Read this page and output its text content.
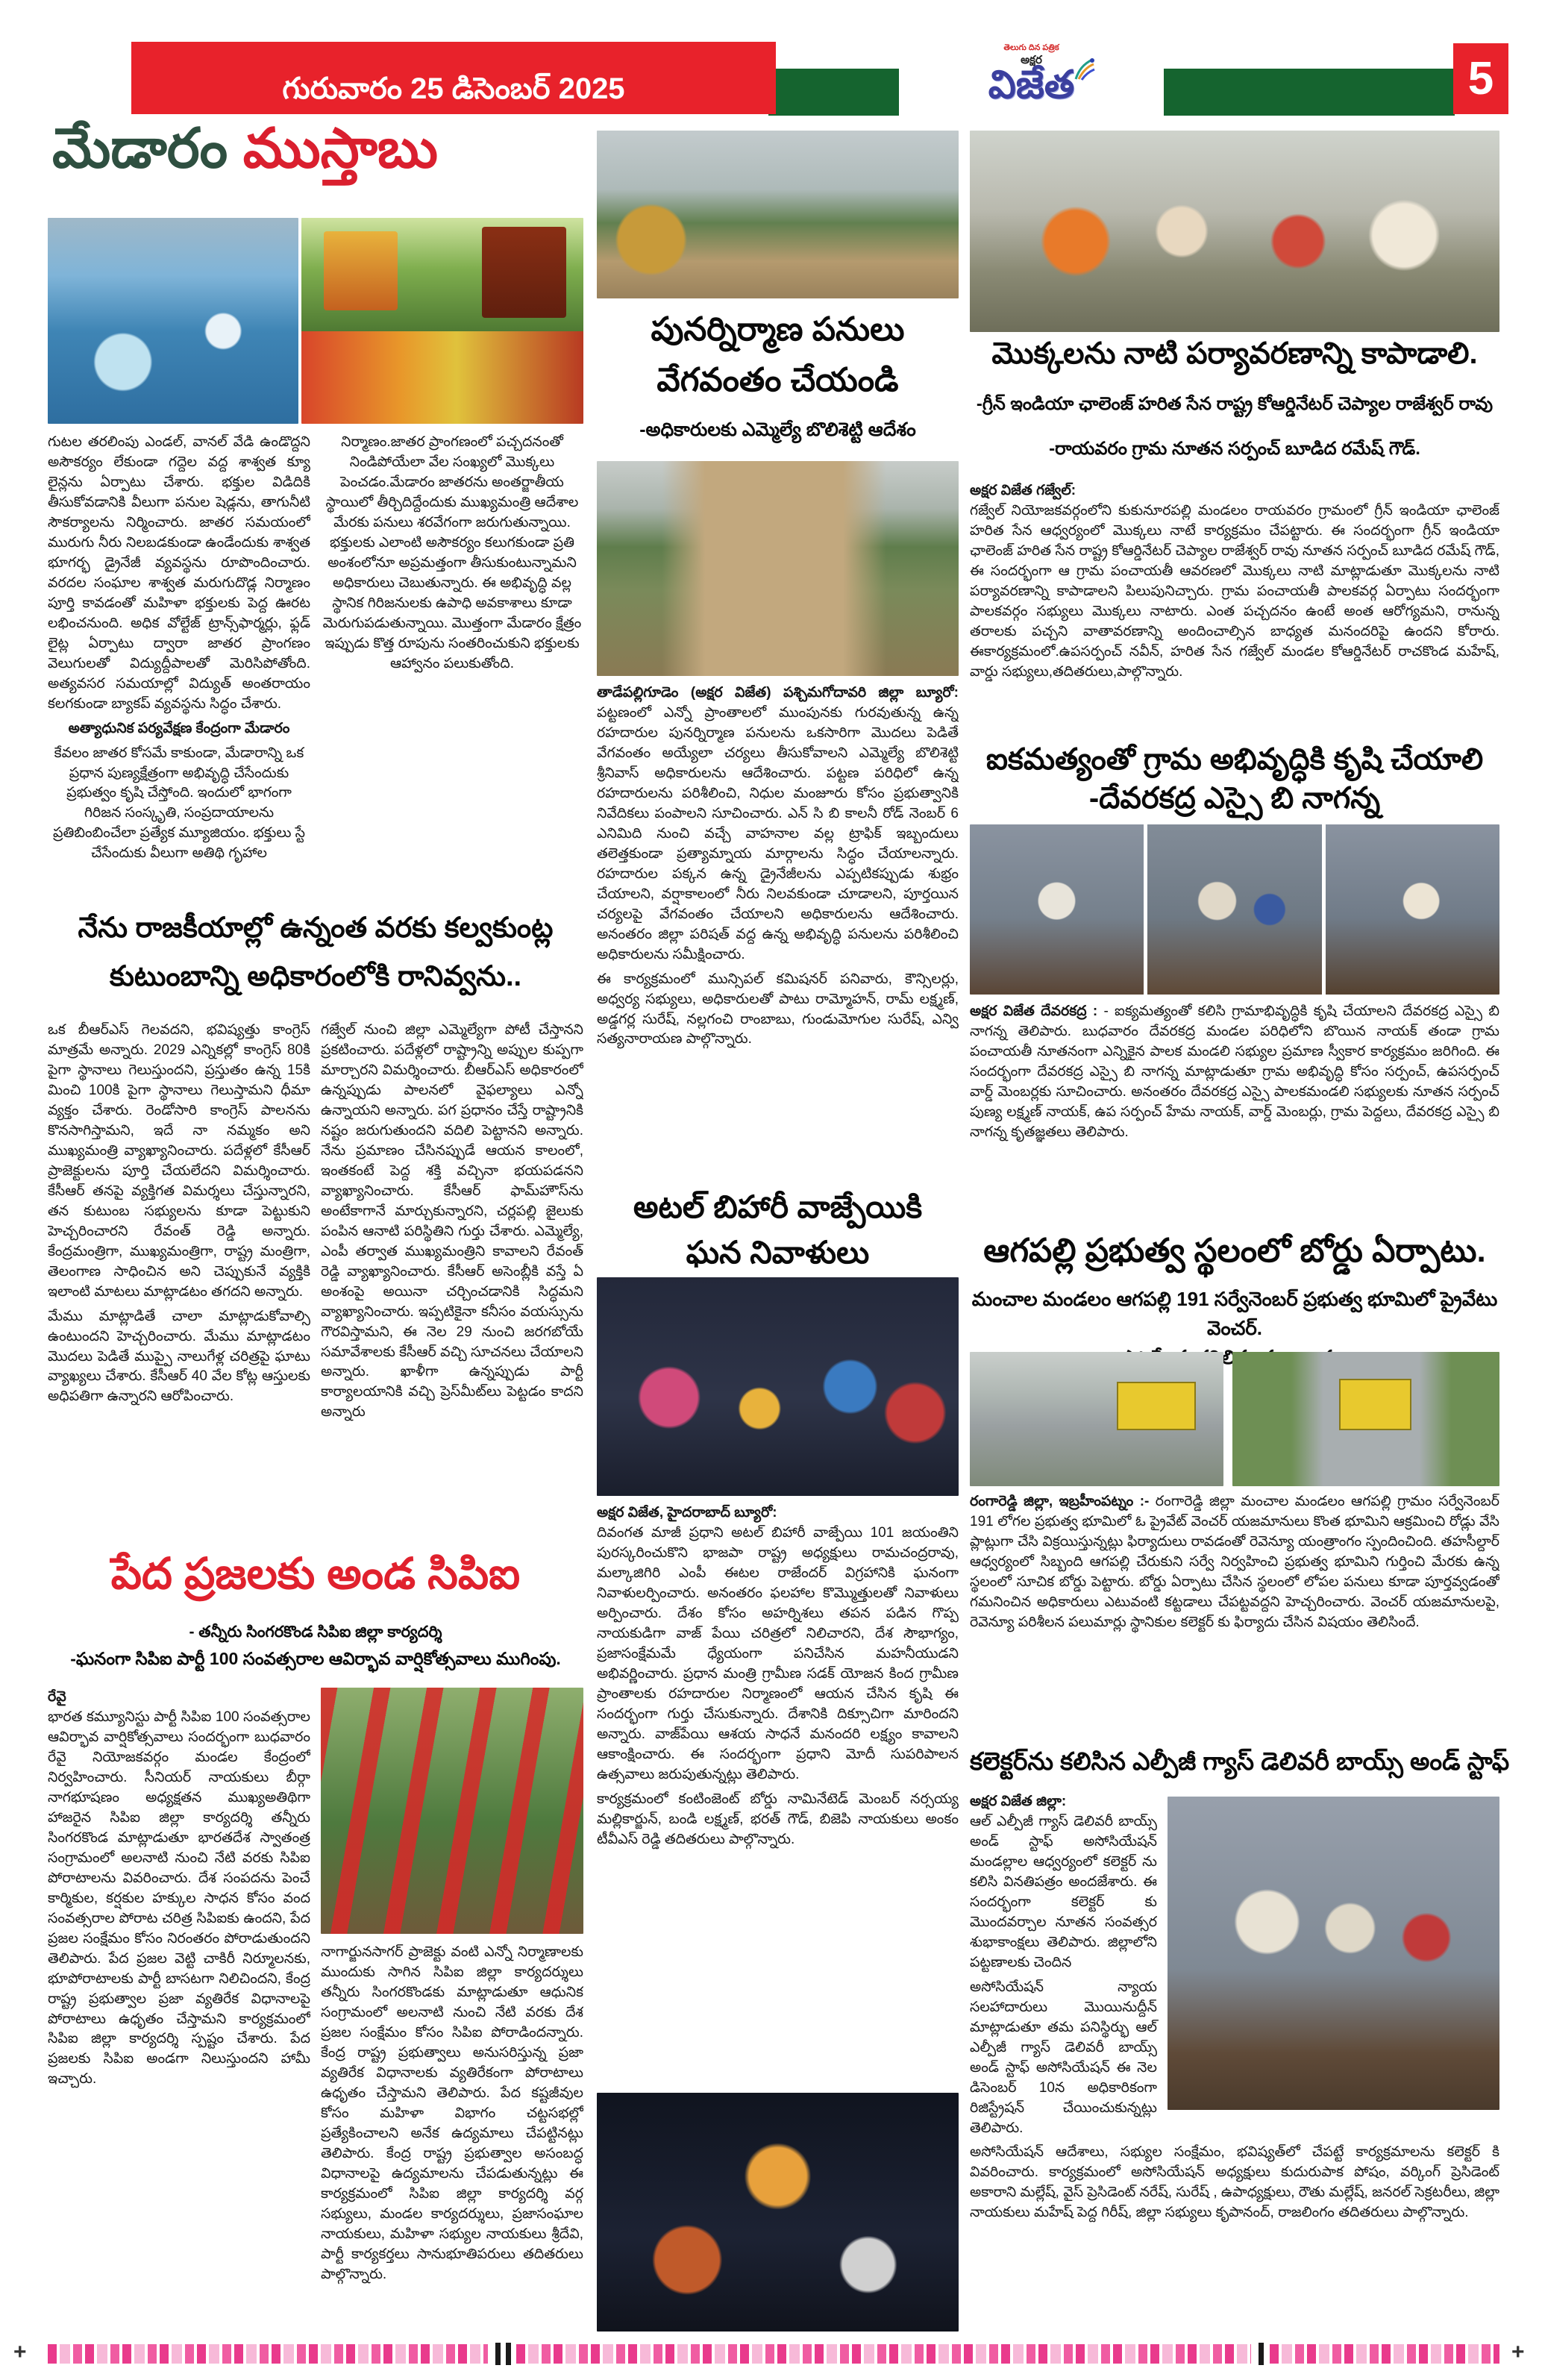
గురువారం 25 డిసెంబర్ 2025
తెలుగు దిన పత్రిక
అక్షర
విజేత	5
మేడారం ముస్తాబు

గుటల తరలింపు ఎండల్, వానల్ వేడి ఉండొద్దని అసౌకర్యం లేకుండా గద్దెల వద్ద శాశ్వత క్యూ లైన్లను ఏర్పాటు చేశారు. భక్తుల విడిదికి తీసుకోవడానికి వీలుగా పనుల షెడ్లను, తాగునీటి సౌకర్యాలను నిర్మించారు. జాతర సమయంలో మురుగు నీరు నిలబడకుండా ఉండేందుకు శాశ్వత భూగర్భ డ్రైనేజీ వ్యవస్థను రూపొందించారు. వరదల సంఘాల శాశ్వత మరుగుదొడ్ల నిర్మాణం పూర్తి కావడంతో మహిళా భక్తులకు పెద్ద ఊరట లభించనుంది. అధిక వోల్టేజ్ ట్రాన్స్‌ఫార్మర్లు, ఫ్లడ్ లైట్ల ఏర్పాటు ద్వారా జాతర ప్రాంగణం వెలుగులతో విద్యుద్దీపాలతో మెరిసిపోతోంది. అత్యవసర సమయాల్లో విద్యుత్ అంతరాయం కలగకుండా బ్యాకప్ వ్యవస్థను సిద్ధం చేశారు.

అత్యాధునిక పర్యవేక్షణ కేంద్రంగా మేడారం

కేవలం జాతర కోసమే కాకుండా, మేడారాన్ని ఒక ప్రధాన పుణ్యక్షేత్రంగా అభివృద్ధి చేసేందుకు ప్రభుత్వం కృషి చేస్తోంది. ఇందులో భాగంగా గిరిజన సంస్కృతి, సంప్రదాయాలను ప్రతిబింబించేలా ప్రత్యేక మ్యూజియం. భక్తులు స్టే చేసేందుకు వీలుగా అతిథి గృహాల

నిర్మాణం.జాతర ప్రాంగణంలో పచ్చదనంతో నిండిపోయేలా వేల సంఖ్యలో మొక్కలు పెంచడం.మేడారం జాతరను అంతర్జాతీయ స్థాయిలో తీర్చిదిద్దేందుకు ముఖ్యమంత్రి ఆదేశాల మేరకు పనులు శరవేగంగా జరుగుతున్నాయి. భక్తులకు ఎలాంటి అసౌకర్యం కలుగకుండా ప్రతి అంశంలోనూ అప్రమత్తంగా తీసుకుంటున్నామని అధికారులు చెబుతున్నారు. ఈ అభివృద్ధి వల్ల స్థానిక గిరిజనులకు ఉపాధి అవకాశాలు కూడా మెరుగుపడుతున్నాయి. మొత్తంగా మేడారం క్షేత్రం ఇప్పుడు కొత్త రూపును సంతరించుకుని భక్తులకు ఆహ్వానం పలుకుతోంది.

నేను రాజకీయాల్లో ఉన్నంత వరకు కల్వకుంట్ల
కుటుంబాన్ని అధికారంలోకి రానివ్వను..

ఒక బీఆర్ఎస్ గెలవదని, భవిష్యత్తు కాంగ్రెస్ మాత్రమే అన్నారు. 2029 ఎన్నికల్లో కాంగ్రెస్ 80కి పైగా స్థానాలు గెలుస్తుందని, ప్రస్తుతం ఉన్న 15కి మించి 100కి పైగా స్థానాలు గెలుస్తామని ధీమా వ్యక్తం చేశారు. రెండోసారి కాంగ్రెస్ పాలనను కొనసాగిస్తామని, ఇదే నా నమ్మకం అని ముఖ్యమంత్రి వ్యాఖ్యానించారు. పదేళ్లలో కేసీఆర్ ప్రాజెక్టులను పూర్తి చేయలేదని విమర్శించారు. కేసీఆర్ తనపై వ్యక్తిగత విమర్శలు చేస్తున్నారని, తన కుటుంబ సభ్యులను కూడా పెట్టుకుని హెచ్చరించారని రేవంత్ రెడ్డి అన్నారు. కేంద్రమంత్రిగా, ముఖ్యమంత్రిగా, రాష్ట్ర మంత్రిగా, తెలంగాణ సాధించిన అని చెప్పుకునే వ్యక్తికి ఇలాంటి మాటలు మాట్లాడటం తగదని అన్నారు.

మేము మాట్లాడితే చాలా మాట్లాడుకోవాల్సి ఉంటుందని హెచ్చరించారు. మేము మాట్లాడటం మొదలు పెడితే ముప్పై నాలుగేళ్ల చరిత్రపై ఘాటు వ్యాఖ్యలు చేశారు. కేసీఆర్ 40 వేల కోట్ల ఆస్తులకు అధిపతిగా ఉన్నారని ఆరోపించారు.

గజ్వేల్ నుంచి జిల్లా ఎమ్మెల్యేగా పోటీ చేస్తానని ప్రకటించారు. పదేళ్లలో రాష్ట్రాన్ని అప్పుల కుప్పగా మార్చారని విమర్శించారు. బీఆర్ఎస్ అధికారంలో ఉన్నప్పుడు పాలనలో వైఫల్యాలు ఎన్నో ఉన్నాయని అన్నారు. పగ ప్రధానం చేస్తే రాష్ట్రానికి నష్టం జరుగుతుందని వదిలి పెట్టానని అన్నారు. నేను ప్రమాణం చేసినప్పుడే ఆయన కాలంలో, ఇంతకంటే పెద్ద శక్తి వచ్చినా భయపడనని వ్యాఖ్యానించారు. కేసీఆర్ ఫామ్‌హౌస్‌ను అంటేకాగానే మార్చుకున్నారని, చర్లపల్లి జైలుకు పంపిన ఆనాటి పరిస్థితిని గుర్తు చేశారు. ఎమ్మెల్యే, ఎంపీ తర్వాత ముఖ్యమంత్రిని కావాలని రేవంత్ రెడ్డి వ్యాఖ్యానించారు. కేసీఆర్ అసెంబ్లీకి వస్తే ఏ అంశంపై అయినా చర్చించడానికి సిద్ధమని వ్యాఖ్యానించారు. ఇప్పటికైనా కనీసం వయస్సును గౌరవిస్తామని, ఈ నెల 29 నుంచి జరగబోయే సమావేశాలకు కేసీఆర్ వచ్చి సూచనలు చేయాలని అన్నారు. ఖాళీగా ఉన్నప్పుడు పార్టీ కార్యాలయానికి వచ్చి ప్రెస్‌మీట్‌లు పెట్టడం కాదని అన్నారు

పేద ప్రజలకు అండ సిపిఐ
- తన్నీరు సింగరకొండ సిపిఐ జిల్లా కార్యదర్శి
-ఘనంగా సిపిఐ పార్టీ 100 సంవత్సరాల ఆవిర్భావ వార్షికోత్సవాలు ముగింపు.

రేవై
భారత కమ్యూనిస్టు పార్టీ సిపిఐ 100 సంవత్సరాల ఆవిర్భావ వార్షికోత్సవాలు సందర్భంగా బుధవారం రేవై నియోజకవర్గం మండల కేంద్రంలో నిర్వహించారు. సీనియర్ నాయకులు బీర్గా నాగభూషణం అధ్యక్షతన ముఖ్యఅతిథిగా హాజరైన సిపిఐ జిల్లా కార్యదర్శి తన్నీరు సింగరకొండ మాట్లాడుతూ భారతదేశ స్వాతంత్ర సంగ్రామంలో అలనాటి నుంచి నేటి వరకు సిపిఐ పోరాటాలను వివరించారు. దేశ సంపదను పెంచే కార్మికుల, కర్షకుల హక్కుల సాధన కోసం వంద సంవత్సరాల పోరాట చరిత్ర సిపిఐకు ఉందని, పేద ప్రజల సంక్షేమం కోసం నిరంతరం పోరాడుతుందని తెలిపారు. పేద ప్రజల వెట్టి చాకిరీ నిర్మూలనకు, భూపోరాటాలకు పార్టీ బాసటగా నిలిచిందని, కేంద్ర రాష్ట్ర ప్రభుత్వాల ప్రజా వ్యతిరేక విధానాలపై పోరాటాలు ఉధృతం చేస్తామని కార్యక్రమంలో సిపిఐ జిల్లా కార్యదర్శి స్పష్టం చేశారు. పేద ప్రజలకు సిపిఐ అండగా నిలుస్తుందని హామీ ఇచ్చారు.

నాగార్జునసాగర్ ప్రాజెక్టు వంటి ఎన్నో నిర్మాణాలకు ముందుకు సాగిన సిపిఐ జిల్లా కార్యదర్శులు తన్నీరు సింగరకొండకు మాట్లాడుతూ ఆధునిక సంగ్రామంలో అలనాటి నుంచి నేటి వరకు దేశ ప్రజల సంక్షేమం కోసం సిపిఐ పోరాడిందన్నారు. కేంద్ర రాష్ట్ర ప్రభుత్వాలు అనుసరిస్తున్న ప్రజా వ్యతిరేక విధానాలకు వ్యతిరేకంగా పోరాటాలు ఉధృతం చేస్తామని తెలిపారు. పేద కష్టజీవుల కోసం మహిళా విభాగం చట్టసభల్లో ప్రత్యేకించాలని అనేక ఉద్యమాలు చేపట్టినట్లు తెలిపారు. కేంద్ర రాష్ట్ర ప్రభుత్వాల అసంబద్ధ విధానాలపై ఉద్యమాలను చేపడుతున్నట్లు ఈ కార్యక్రమంలో సిపిఐ జిల్లా కార్యదర్శి వర్గ సభ్యులు, మండల కార్యదర్శులు, ప్రజాసంఘాల నాయకులు, మహిళా సభ్యుల నాయకులు శ్రీదేవి, పార్టీ కార్యకర్తలు సానుభూతిపరులు తదితరులు పాల్గొన్నారు.

పునర్నిర్మాణ పనులు
వేగవంతం చేయండి
-అధికారులకు ఎమ్మెల్యే బొలిశెట్టి ఆదేశం

తాడేపల్లిగూడెం (అక్షర విజేత) పశ్చిమగోదావరి జిల్లా బ్యూరో: పట్టణంలో ఎన్నో ప్రాంతాలలో ముంపునకు గురవుతున్న ఉన్న రహదారుల పునర్నిర్మాణ పనులను ఒకసారిగా మొదలు పెడితే వేగవంతం అయ్యేలా చర్యలు తీసుకోవాలని ఎమ్మెల్యే బొలిశెట్టి శ్రీనివాస్ అధికారులను ఆదేశించారు. పట్టణ పరిధిలో ఉన్న రహదారులను పరిశీలించి, నిధుల మంజూరు కోసం ప్రభుత్వానికి నివేదికలు పంపాలని సూచించారు. ఎన్ సి బి కాలనీ రోడ్ నెంబర్ 6 ఎనిమిది నుంచి వచ్చే వాహనాల వల్ల ట్రాఫిక్ ఇబ్బందులు తలెత్తకుండా ప్రత్యామ్నాయ మార్గాలను సిద్ధం చేయాలన్నారు. రహదారుల పక్కన ఉన్న డ్రైనేజీలను ఎప్పటికప్పుడు శుభ్రం చేయాలని, వర్షాకాలంలో నీరు నిలవకుండా చూడాలని, పూర్తయిన చర్యలపై వేగవంతం చేయాలని అధికారులను ఆదేశించారు. అనంతరం జిల్లా పరిషత్ వద్ద ఉన్న అభివృద్ధి పనులను పరిశీలించి అధికారులను సమీక్షించారు.

ఈ కార్యక్రమంలో మున్సిపల్ కమిషనర్ పనివారు, కౌన్సిలర్లు, అధ్వర్య సభ్యులు, అధికారులతో పాటు రామ్మోహన్, రామ్ లక్ష్మణ్, అడ్డగర్ల సురేష్, నల్లగంచి రాంబాబు, గుండుమోగుల సురేష్, ఎన్వి సత్యనారాయణ పాల్గొన్నారు.

అటల్ బిహారీ వాజ్పేయికి
ఘన నివాళులు

అక్షర విజేత, హైదరాబాద్ బ్యూరో:
దివంగత మాజీ ప్రధాని అటల్ బిహారీ వాజ్పేయి 101 జయంతిని పురస్కరించుకొని భాజపా రాష్ట్ర అధ్యక్షులు రామచంద్రరావు, మల్కాజిగిరి ఎంపీ ఈటల రాజేందర్ విగ్రహానికి ఘనంగా నివాళులర్పించారు. అనంతరం ఫలహాల కొమ్మొత్తులతో నివాళులు అర్పించారు. దేశం కోసం అహర్నిశలు తపన పడిన గొప్ప నాయకుడిగా వాజ్ పేయి చరిత్రలో నిలిచారని, దేశ సౌభాగ్యం, ప్రజాసంక్షేమమే ధ్యేయంగా పనిచేసిన మహనీయుడని అభివర్ణించారు. ప్రధాన మంత్రి గ్రామీణ సడక్ యోజన కింద గ్రామీణ ప్రాంతాలకు రహదారుల నిర్మాణంలో ఆయన చేసిన కృషి ఈ సందర్భంగా గుర్తు చేసుకున్నారు. దేశానికి దిక్సూచిగా మారిందని అన్నారు. వాజ్‌పేయి ఆశయ సాధనే మనందరి లక్ష్యం కావాలని ఆకాంక్షించారు. ఈ సందర్భంగా ప్రధాని మోదీ సుపరిపాలన ఉత్సవాలు జరుపుతున్నట్లు తెలిపారు.

కార్యక్రమంలో కంటింజెంట్ బోర్డు నామినేటెడ్ మెంబర్ నర్సయ్య మల్లికార్జున్, బండి లక్ష్మణ్, భరత్ గౌడ్, బిజెపి నాయకులు అంకం టీవీఎస్ రెడ్డి తదితరులు పాల్గొన్నారు.

మొక్కలను నాటి పర్యావరణాన్ని కాపాడాలి.
-గ్రీన్ ఇండియా ఛాలెంజ్ హరిత సేన రాష్ట్ర కోఆర్డినేటర్ చెప్యాల రాజేశ్వర్ రావు
-రాయవరం గ్రామ నూతన సర్పంచ్ బూడిద రమేష్ గౌడ్.

అక్షర విజేత గజ్వేల్:
గజ్వేల్ నియోజకవర్గంలోని కుకునూరపల్లి మండలం రాయవరం గ్రామంలో గ్రీన్ ఇండియా ఛాలెంజ్ హరిత సేన ఆధ్వర్యంలో మొక్కలు నాటే కార్యక్రమం చేపట్టారు. ఈ సందర్భంగా గ్రీన్ ఇండియా ఛాలెంజ్ హరిత సేన రాష్ట్ర కోఆర్డినేటర్ చెప్యాల రాజేశ్వర్ రావు నూతన సర్పంచ్ బూడిద రమేష్ గౌడ్, ఈ సందర్భంగా ఆ గ్రామ పంచాయతీ ఆవరణలో మొక్కలు నాటి మాట్లాడుతూ మొక్కలను నాటి పర్యావరణాన్ని కాపాడాలని పిలుపునిచ్చారు. గ్రామ పంచాయతీ పాలకవర్గ ఏర్పాటు సందర్భంగా పాలకవర్గం సభ్యులు మొక్కలు నాటారు. ఎంత పచ్చదనం ఉంటే అంత ఆరోగ్యమని, రానున్న తరాలకు పచ్చని వాతావరణాన్ని అందించాల్సిన బాధ్యత మనందరిపై ఉందని కోరారు. ఈకార్యక్రమంలో.ఉపసర్పంచ్ నవీన్, హరిత సేన గజ్వేల్ మండల కోఆర్డినేటర్ రాచకొండ మహేష్, వార్డు సభ్యులు,తదితరులు,పాల్గొన్నారు.

ఐకమత్యంతో గ్రామ అభివృద్ధికి కృషి చేయాలి
-దేవరకద్ర ఎస్సై బి నాగన్న

అక్షర విజేత దేవరకద్ర : - ఐక్యమత్యంతో కలిసి గ్రామాభివృద్ధికి కృషి చేయాలని దేవరకద్ర ఎస్సై బి నాగన్న తెలిపారు. బుధవారం దేవరకద్ర మండల పరిధిలోని బొయిన నాయక్ తండా గ్రామ పంచాయతీ నూతనంగా ఎన్నికైన పాలక మండలి సభ్యుల ప్రమాణ స్వీకార కార్యక్రమం జరిగింది. ఈ సందర్భంగా దేవరకద్ర ఎస్సై బి నాగన్న మాట్లాడుతూ గ్రామ అభివృద్ధి కోసం సర్పంచ్, ఉపసర్పంచ్ వార్డ్ మెంబర్లకు సూచించారు. అనంతరం దేవరకద్ర ఎస్సై పాలకమండలి సభ్యులకు నూతన సర్పంచ్ పుణ్య లక్ష్మణ్ నాయక్, ఉప సర్పంచ్ హేమ నాయక్, వార్డ్ మెంబర్లు, గ్రామ పెద్దలు, దేవరకద్ర ఎస్సై బి నాగన్న కృతజ్ఞతలు తెలిపారు.

ఆగపల్లి ప్రభుత్వ స్థలంలో బోర్డు ఏర్పాటు.
మంచాల మండలం ఆగపల్లి 191 సర్వేనెంబర్ ప్రభుత్వ భూమిలో ప్రైవేటు వెంచర్.

రంగారెడ్డి జిల్లా, ఇబ్రహీంపట్నం :- రంగారెడ్డి జిల్లా మంచాల మండలం ఆగపల్లి గ్రామం సర్వేనెంబర్ 191 లోగల ప్రభుత్వ భూమిలో ఓ ప్రైవేట్ వెంచర్ యజమానులు కొంత భూమిని ఆక్రమించి రోడ్లు వేసి ప్లాట్లుగా చేసి విక్రయిస్తున్నట్లు ఫిర్యాదులు రావడంతో రెవెన్యూ యంత్రాంగం స్పందించింది. తహసీల్దార్ ఆధ్వర్యంలో సిబ్బంది ఆగపల్లి చేరుకుని సర్వే నిర్వహించి ప్రభుత్వ భూమిని గుర్తించి మేరకు ఉన్న స్థలంలో సూచిక బోర్డు పెట్టారు. బోర్డు ఏర్పాటు చేసిన స్థలంలో లోపల పనులు కూడా పూర్తవ్వడంతో గమనించిన అధికారులు ఎటువంటి కట్టడాలు చేపట్టవద్దని హెచ్చరించారు. వెంచర్ యజమానులపై, రెవెన్యూ పరిశీలన పలుమార్లు స్థానికుల కలెక్టర్ కు ఫిర్యాదు చేసిన విషయం తెలిసిందే.

కలెక్టర్‌ను కలిసిన ఎల్పీజీ గ్యాస్ డెలివరీ బాయ్స్ అండ్ స్టాఫ్

అక్షర విజేత జిల్లా:
ఆల్ ఎల్పీజీ గ్యాస్ డెలివరీ బాయ్స్ అండ్ స్టాఫ్ అసోసియేషన్ మండల్లాల ఆధ్వర్యంలో కలెక్టర్ ను కలిసి వినతిపత్రం అందజేశారు. ఈ సందర్భంగా కలెక్టర్ కు మొందవర్చాల నూతన సంవత్సర శుభాకాంక్షలు తెలిపారు. జిల్లాలోని పట్టణాలకు చెందిన

అసోసియేషన్ న్యాయ సలహాదారులు మొయినుద్దీన్ మాట్లాడుతూ తమ పనిస్థిర్భు ఆల్ ఎల్పీజీ గ్యాస్ డెలివరీ బాయ్స్ అండ్ స్టాఫ్ అసోసియేషన్ ఈ నెల డిసెంబర్ 10న అధికారికంగా రిజిస్ట్రేషన్ చేయించుకున్నట్లు తెలిపారు.

అసోసియేషన్ ఆదేశాలు, సభ్యుల సంక్షేమం, భవిష్యత్‌లో చేపట్టే కార్యక్రమాలను కలెక్టర్ కి వివరించారు. కార్యక్రమంలో అసోసియేషన్ అధ్యక్షులు కుదురుపాక పోషం, వర్కింగ్ ప్రెసిడెంట్ అకారాని మల్లేష్, వైస్ ప్రెసిడెంట్ నరేష్, సురేష్ , ఉపాధ్యక్షులు, రౌతు మల్లేష్, జనరల్ సెక్రటరీలు, జిల్లా నాయకులు మహేష్ పెద్ద గిరీష్, జిల్లా సభ్యులు కృపానంద్, రాజలింగం తదితరులు పాల్గొన్నారు.

+	+
